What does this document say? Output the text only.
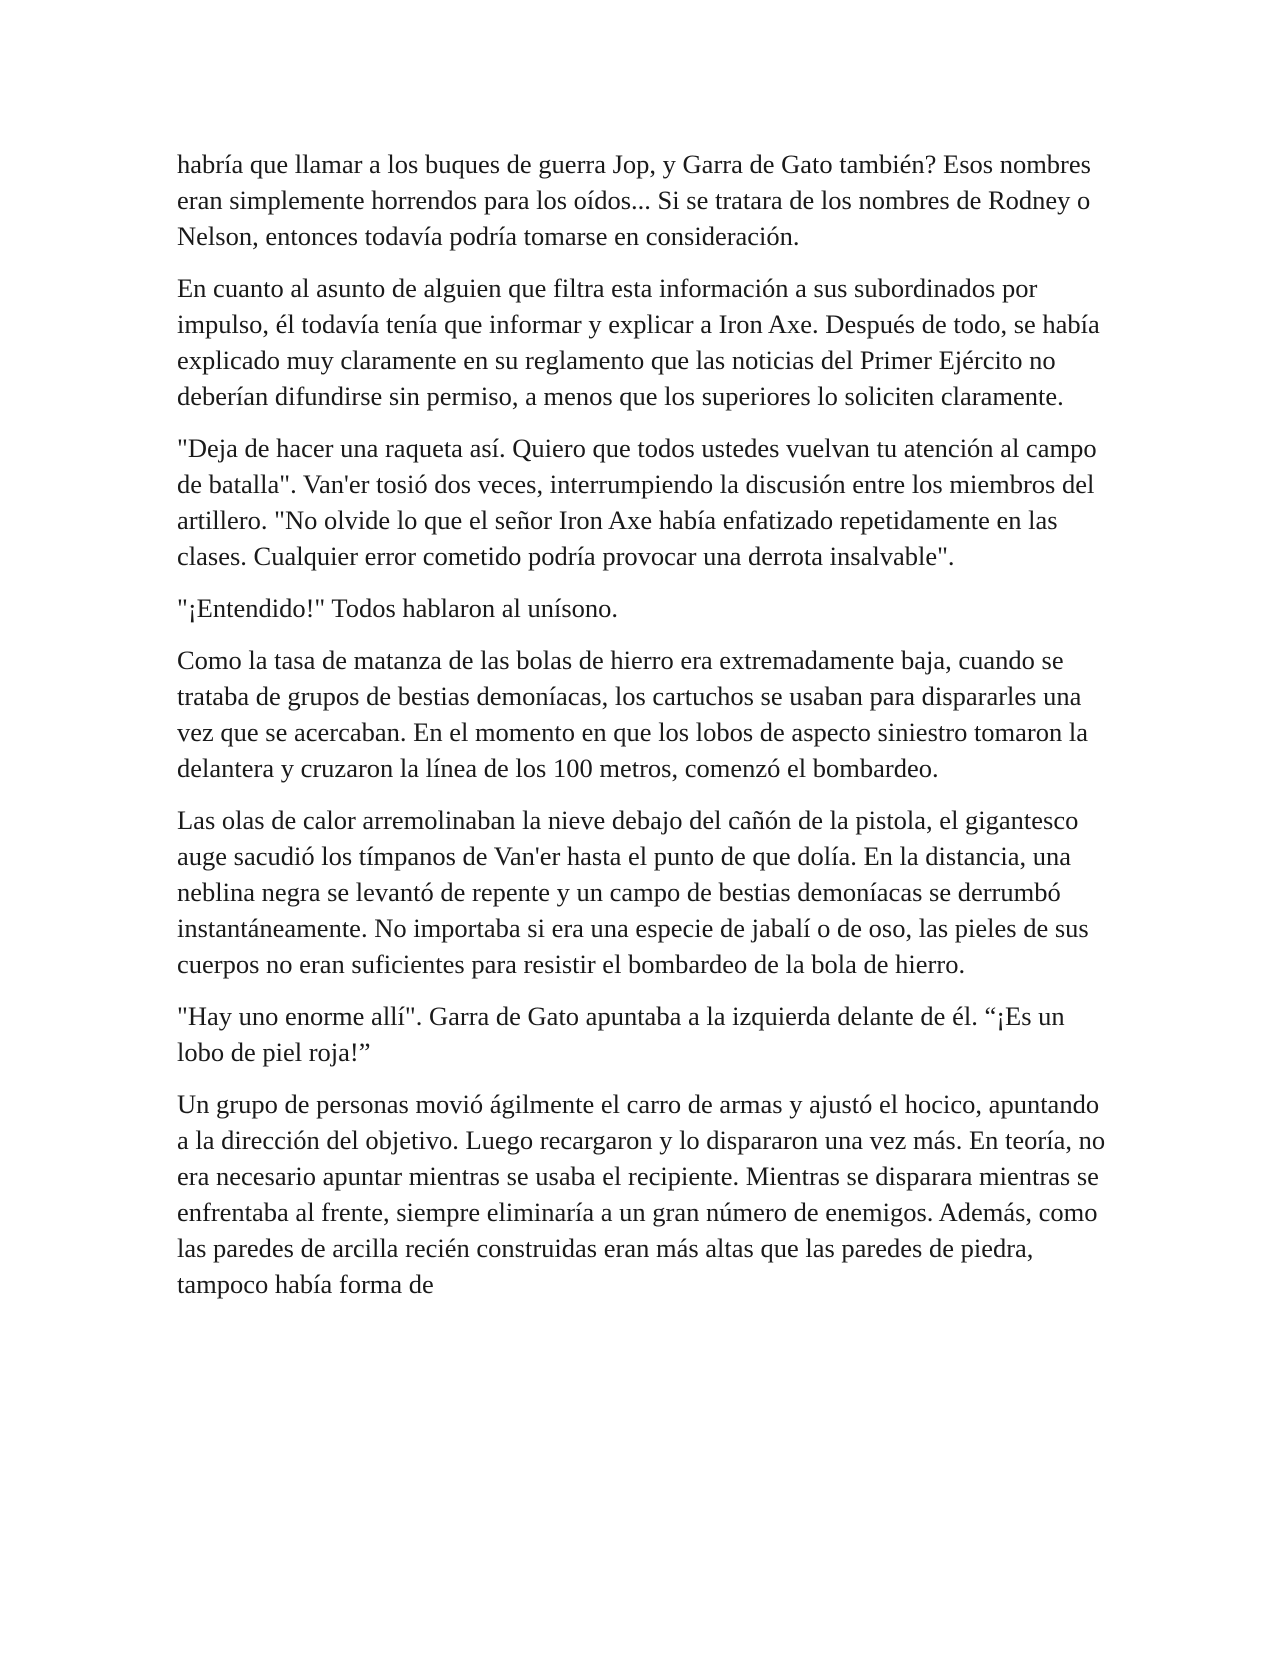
habría que llamar a los buques de guerra Jop, y Garra de Gato también? Esos nombres eran simplemente horrendos para los oídos... Si se tratara de los nombres de Rodney o Nelson, entonces todavía podría tomarse en consideración.

En cuanto al asunto de alguien que filtra esta información a sus subordinados por impulso, él todavía tenía que informar y explicar a Iron Axe. Después de todo, se había explicado muy claramente en su reglamento que las noticias del Primer Ejército no deberían difundirse sin permiso, a menos que los superiores lo soliciten claramente.

"Deja de hacer una raqueta así. Quiero que todos ustedes vuelvan tu atención al campo de batalla". Van'er tosió dos veces, interrumpiendo la discusión entre los miembros del artillero. "No olvide lo que el señor Iron Axe había enfatizado repetidamente en las clases. Cualquier error cometido podría provocar una derrota insalvable".

"¡Entendido!" Todos hablaron al unísono.

Como la tasa de matanza de las bolas de hierro era extremadamente baja, cuando se trataba de grupos de bestias demoníacas, los cartuchos se usaban para dispararles una vez que se acercaban. En el momento en que los lobos de aspecto siniestro tomaron la delantera y cruzaron la línea de los 100 metros, comenzó el bombardeo.

Las olas de calor arremolinaban la nieve debajo del cañón de la pistola, el gigantesco auge sacudió los tímpanos de Van'er hasta el punto de que dolía. En la distancia, una neblina negra se levantó de repente y un campo de bestias demoníacas se derrumbó instantáneamente. No importaba si era una especie de jabalí o de oso, las pieles de sus cuerpos no eran suficientes para resistir el bombardeo de la bola de hierro.

"Hay uno enorme allí". Garra de Gato apuntaba a la izquierda delante de él. “¡Es un lobo de piel roja!”

Un grupo de personas movió ágilmente el carro de armas y ajustó el hocico, apuntando a la dirección del objetivo. Luego recargaron y lo dispararon una vez más. En teoría, no era necesario apuntar mientras se usaba el recipiente. Mientras se disparara mientras se enfrentaba al frente, siempre eliminaría a un gran número de enemigos. Además, como las paredes de arcilla recién construidas eran más altas que las paredes de piedra, tampoco había forma de
